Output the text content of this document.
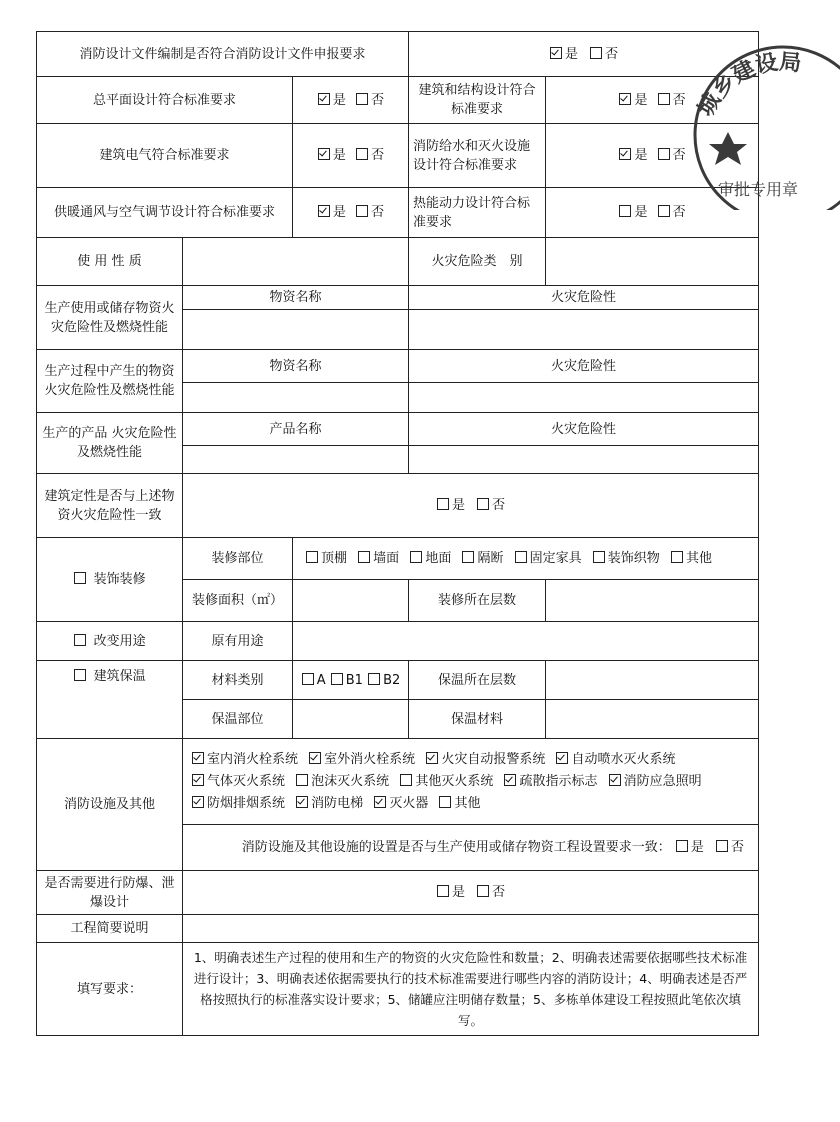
消防设计文件编制是否符合消防设计文件申报要求			是 否	
总平面设计符合标准要求		是 否	建筑和结构设计符合标准要求	是 否
建筑电气符合标准要求		是 否	消防给水和灭火设施设计符合标准要求	是 否
供暖通风与空气调节设计符合标准要求		是 否	热能动力设计符合标准要求	是 否
使 用 性 质			火灾危险类　别	
生产使用或储存物资火灾危险性及燃烧性能	物资名称		火灾危险性	

生产过程中产生的物资火灾危险性及燃烧性能	物资名称		火灾危险性	

生产的产品 火灾危险性及燃烧性能	产品名称		火灾危险性	

建筑定性是否与上述物资火灾危险性一致	是 否			
装饰装修	装修部位	顶棚 墙面 地面 隔断 固定家具 装饰织物 其他		
	装修面积（㎡）		装修所在层数	
改变用途	原有用途			
建筑保温	材料类别	A B1 B2	保温所在层数	
	保温部位		保温材料	
消防设施及其他	室内消火栓系统 室外消火栓系统 火灾自动报警系统 自动喷水灭火系统 气体灭火系统 泡沫灭火系统 其他灭火系统 疏散指示标志 消防应急照明 防烟排烟系统 消防电梯 灭火器 其他			
	消防设施及其他设施的设置是否与生产使用或储存物资工程设置要求一致： 是 否			
是否需要进行防爆、泄爆设计	是 否			
工程简要说明				
填写要求：	1、明确表述生产过程的使用和生产的物资的火灾危险性和数量；2、明确表述需要依据哪些技术标准进行设计；3、明确表述依据需要执行的技术标准需要进行哪些内容的消防设计；4、明确表述是否严格按照执行的标准落实设计要求；5、储罐应注明储存数量；5、多栋单体建设工程按照此笔依次填写。			
城乡建设局
审批专用章
